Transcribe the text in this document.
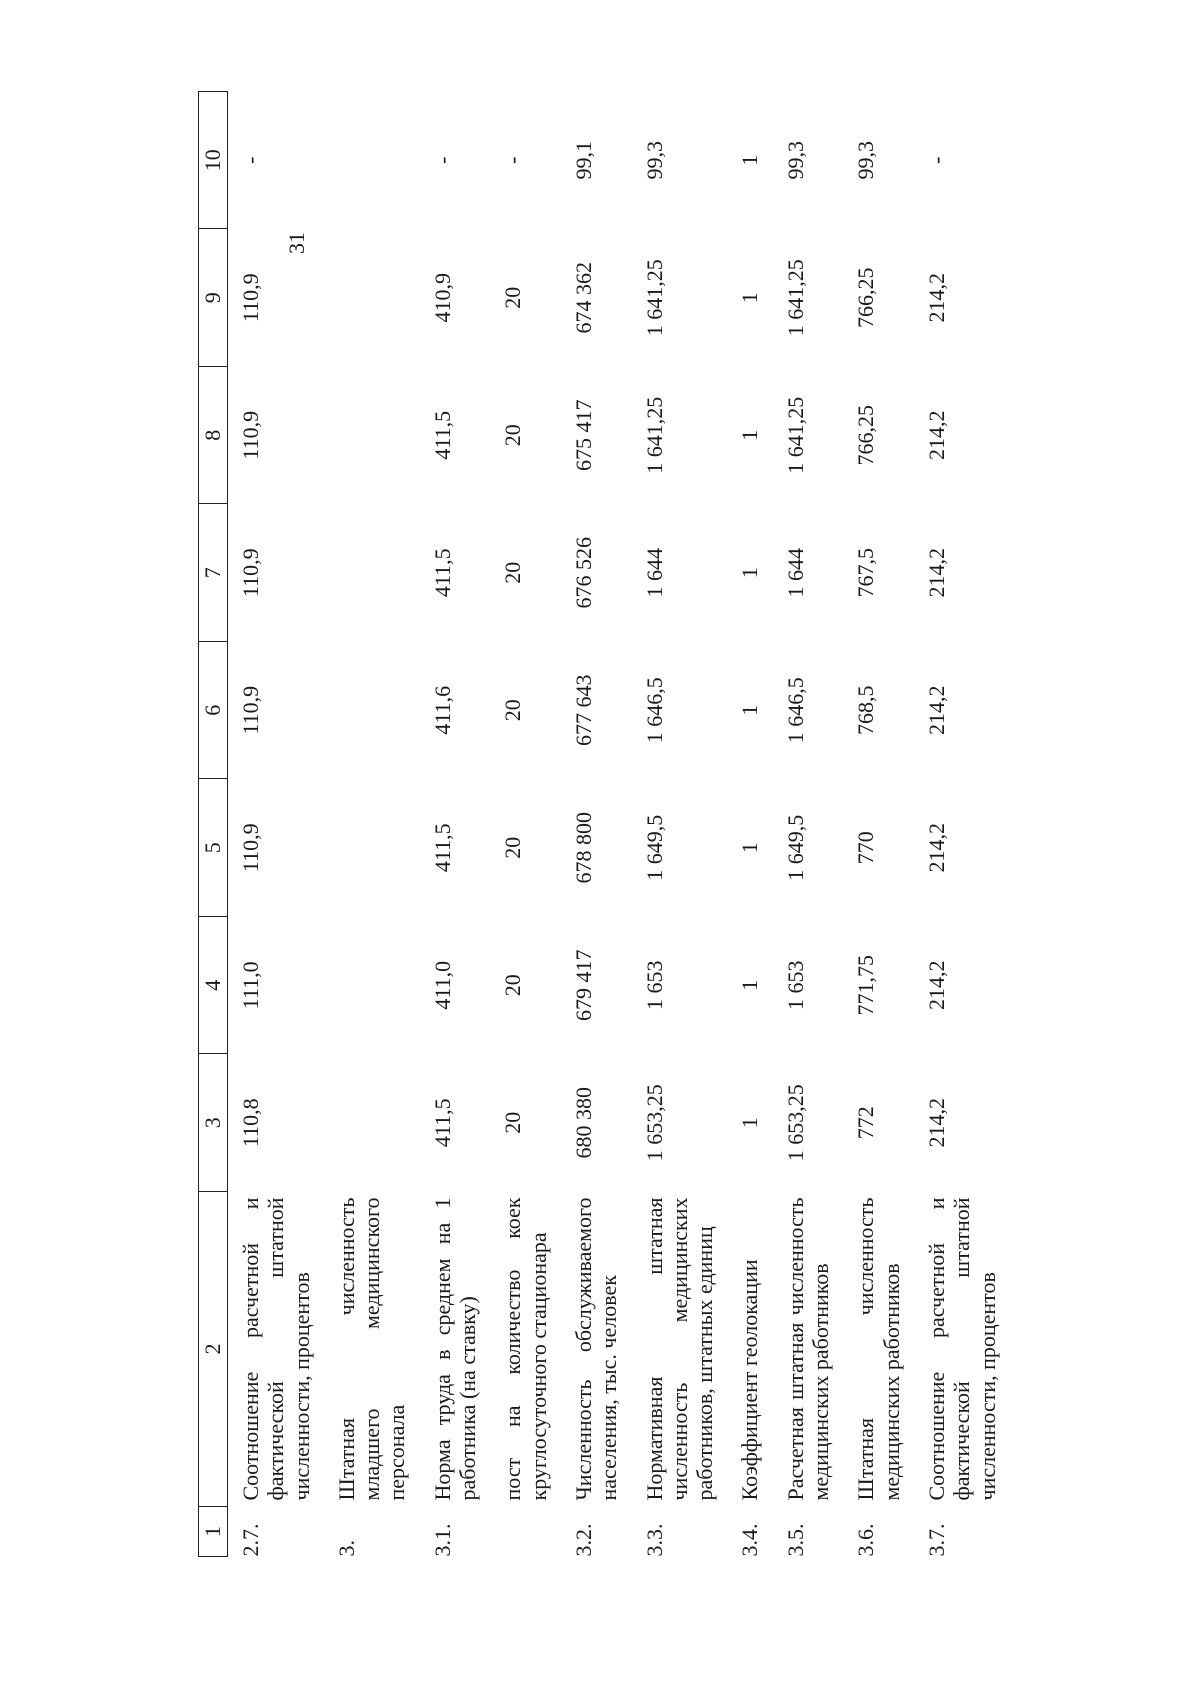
31
1	2	3	4	5	6	7	8	9	10
2.7.	Соотношение расчетной и фактической штатной численности, процентов	110,8	111,0	110,9	110,9	110,9	110,9	110,9	-
3.	Штатная численность младшего медицинского персонала								
3.1.	Норма труда в среднем на 1 работника (на ставку)	411,5	411,0	411,5	411,6	411,5	411,5	410,9	-
	пост на количество коек круглосуточного стационара	20	20	20	20	20	20	20	-
3.2.	Численность обслуживаемого населения, тыс. человек	680 380	679 417	678 800	677 643	676 526	675 417	674 362	99,1
3.3.	Нормативная штатная численность медицинских работников, штатных единиц	1 653,25	1 653	1 649,5	1 646,5	1 644	1 641,25	1 641,25	99,3
3.4.	Коэффициент геолокации	1	1	1	1	1	1	1	1
3.5.	Расчетная штатная численность медицинских работников	1 653,25	1 653	1 649,5	1 646,5	1 644	1 641,25	1 641,25	99,3
3.6.	Штатная численность медицинских работников	772	771,75	770	768,5	767,5	766,25	766,25	99,3
3.7.	Соотношение расчетной и фактической штатной численности, процентов	214,2	214,2	214,2	214,2	214,2	214,2	214,2	-
